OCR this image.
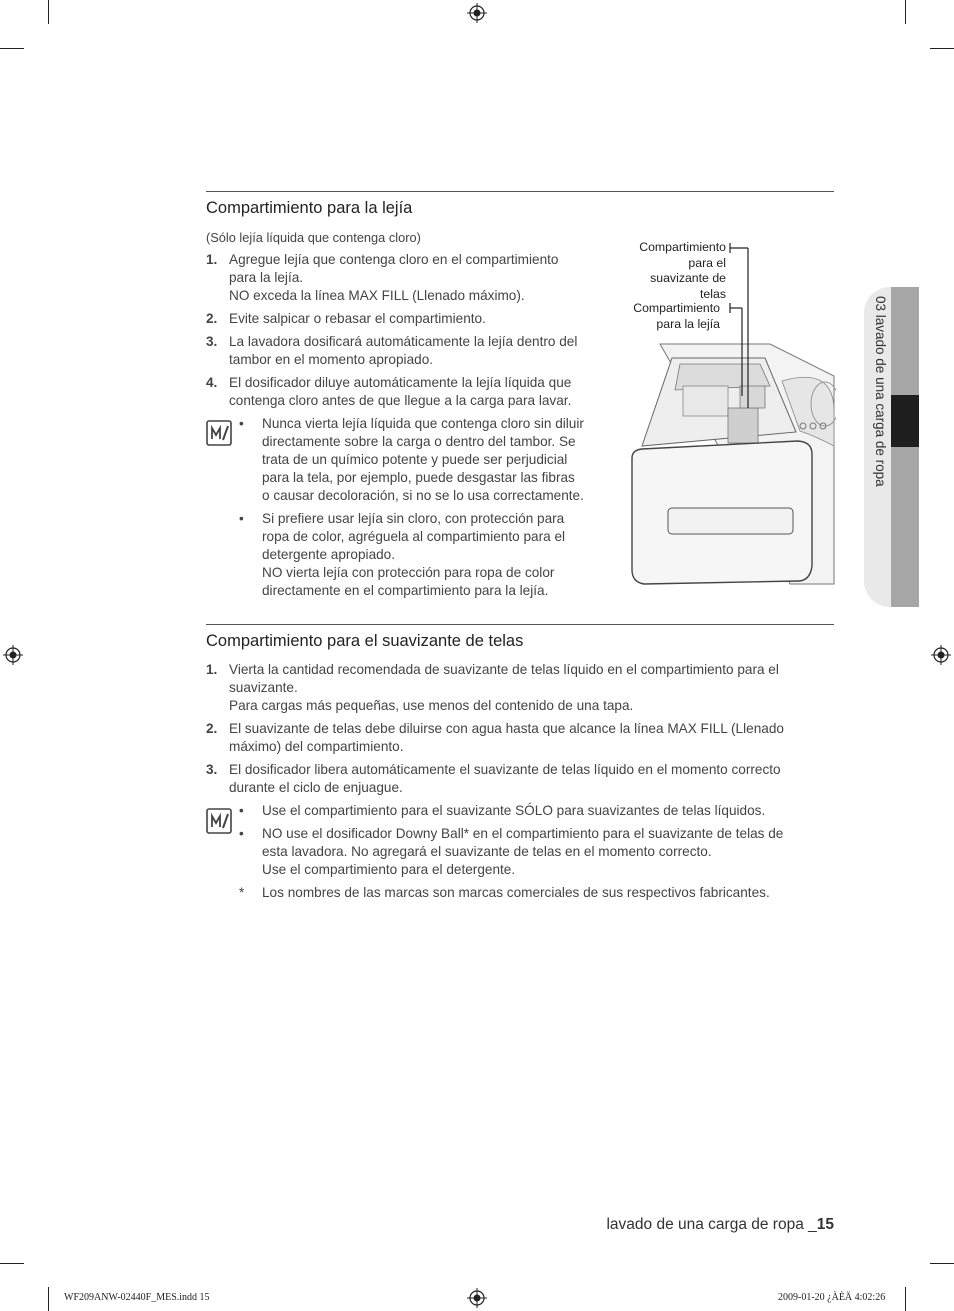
03 lavado de una carga de ropa
Compartimiento para la lejía
(Sólo lejía líquida que contenga cloro)
1. Agregue lejía que contenga cloro en el compartimiento
para la lejía.
NO exceda la línea MAX FILL (Llenado máximo).
2. Evite salpicar o rebasar el compartimiento.
3. La lavadora dosificará automáticamente la lejía dentro del
tambor en el momento apropiado.
4. El dosificador diluye automáticamente la lejía líquida que
contenga cloro antes de que llegue a la carga para lavar.
• Nunca vierta lejía líquida que contenga cloro sin diluir
directamente sobre la carga o dentro del tambor. Se
trata de un químico potente y puede ser perjudicial
para la tela, por ejemplo, puede desgastar las fibras
o causar decoloración, si no se lo usa correctamente.
• Si prefiere usar lejía sin cloro, con protección para
ropa de color, agréguela al compartimiento para el
detergente apropiado.
NO vierta lejía con protección para ropa de color
directamente en el compartimiento para la lejía.
Compartimiento
para el
suavizante de
telas
Compartimiento
para la lejía
Compartimiento para el suavizante de telas
1. Vierta la cantidad recomendada de suavizante de telas líquido en el compartimiento para el
suavizante.
Para cargas más pequeñas, use menos del contenido de una tapa.
2. El suavizante de telas debe diluirse con agua hasta que alcance la línea MAX FILL (Llenado
máximo) del compartimiento.
3. El dosificador libera automáticamente el suavizante de telas líquido en el momento correcto
durante el ciclo de enjuague.
• Use el compartimiento para el suavizante SÓLO para suavizantes de telas líquidos.
• NO use el dosificador Downy Ball* en el compartimiento para el suavizante de telas de
esta lavadora. No agregará el suavizante de telas en el momento correcto.
Use el compartimiento para el detergente.
* Los nombres de las marcas son marcas comerciales de sus respectivos fabricantes.
lavado de una carga de ropa _15
WF209ANW-02440F_MES.indd 15	2009-01-20 ¿ÀÈÄ 4:02:26
